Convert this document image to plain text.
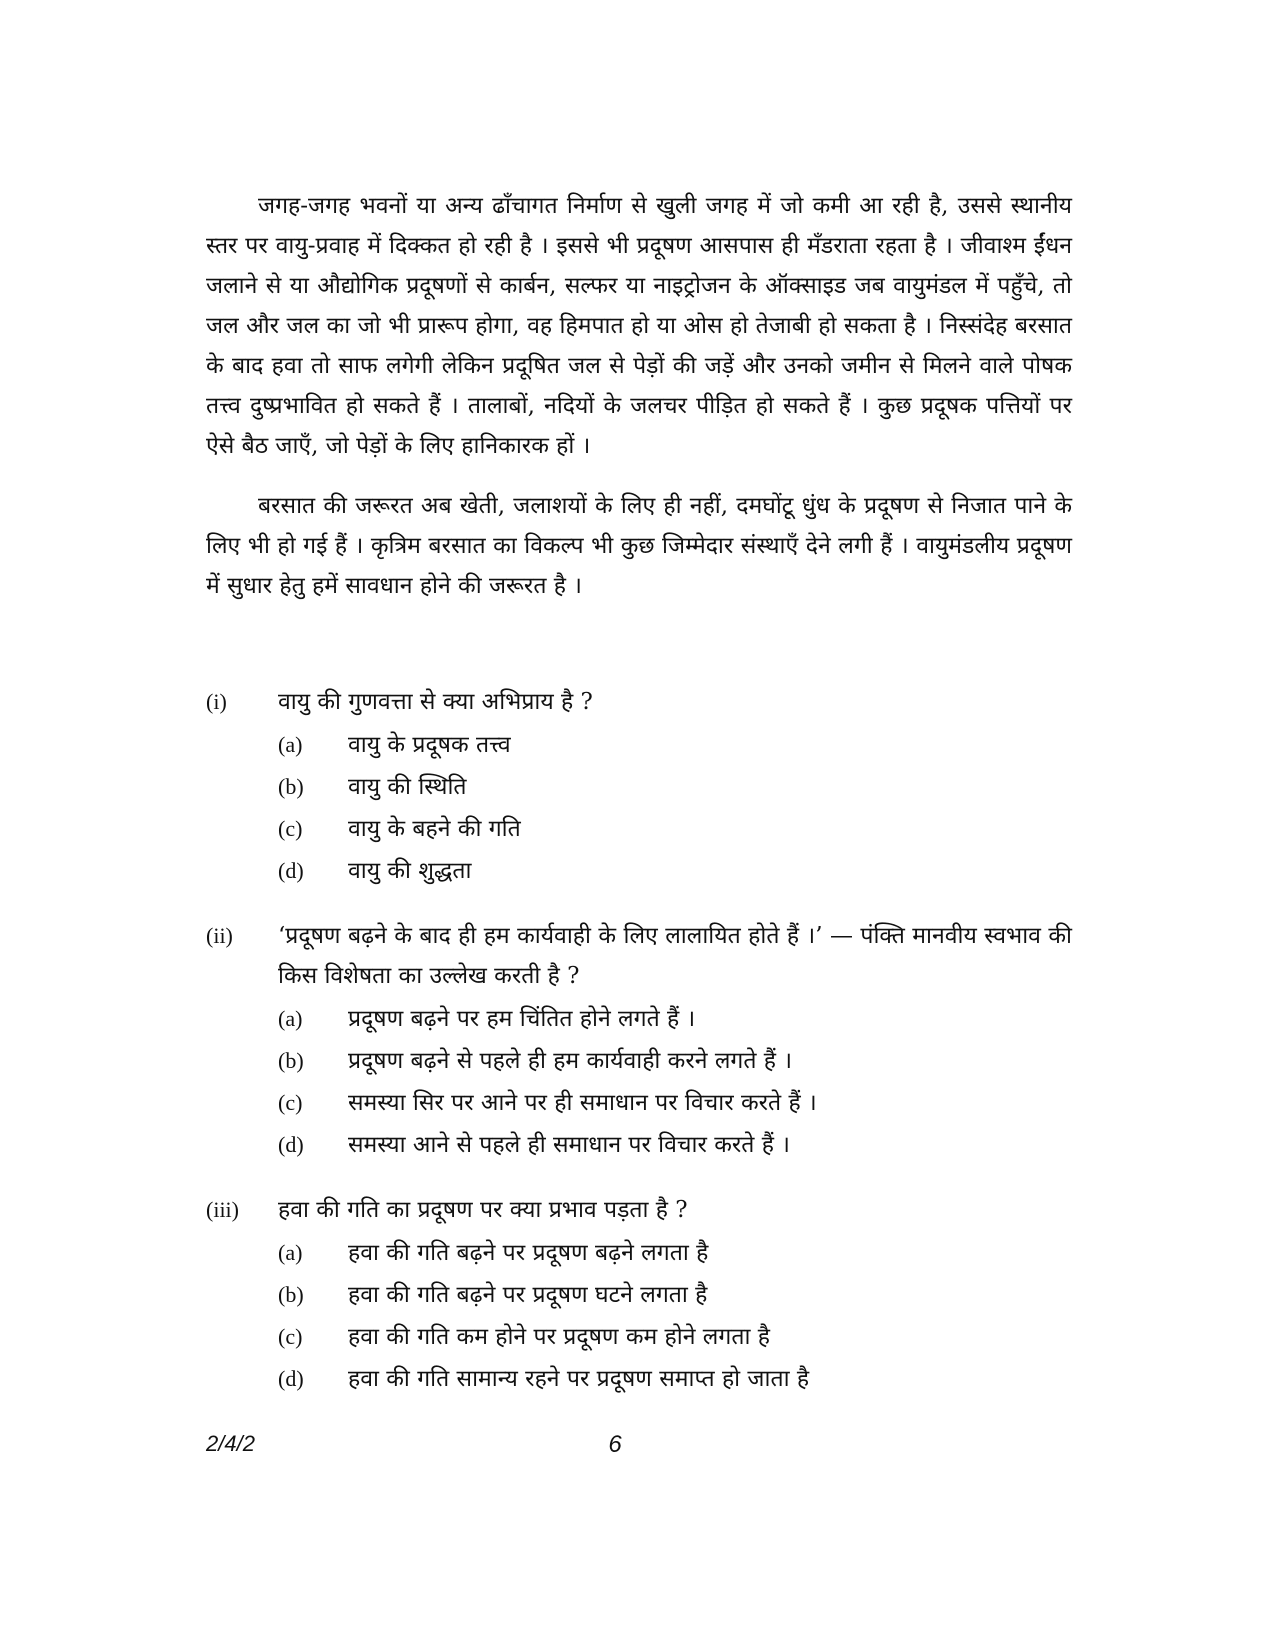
जगह-जगह भवनों या अन्य ढाँचागत निर्माण से खुली जगह में जो कमी आ रही है, उससे स्थानीय स्तर पर वायु-प्रवाह में दिक्कत हो रही है । इससे भी प्रदूषण आसपास ही मँडराता रहता है । जीवाश्म ईंधन जलाने से या औद्योगिक प्रदूषणों से कार्बन, सल्फर या नाइट्रोजन के ऑक्साइड जब वायुमंडल में पहुँचे, तो जल और जल का जो भी प्रारूप होगा, वह हिमपात हो या ओस हो तेजाबी हो सकता है । निस्संदेह बरसात के बाद हवा तो साफ लगेगी लेकिन प्रदूषित जल से पेड़ों की जड़ें और उनको जमीन से मिलने वाले पोषक तत्त्व दुष्प्रभावित हो सकते हैं । तालाबों, नदियों के जलचर पीड़ित हो सकते हैं । कुछ प्रदूषक पत्तियों पर ऐसे बैठ जाएँ, जो पेड़ों के लिए हानिकारक हों ।

बरसात की जरूरत अब खेती, जलाशयों के लिए ही नहीं, दमघोंटू धुंध के प्रदूषण से निजात पाने के लिए भी हो गई हैं । कृत्रिम बरसात का विकल्प भी कुछ जिम्मेदार संस्थाएँ देने लगी हैं । वायुमंडलीय प्रदूषण में सुधार हेतु हमें सावधान होने की जरूरत है ।

(i)	वायु की गुणवत्ता से क्या अभिप्राय है ?
(a)	वायु के प्रदूषक तत्त्व
(b)	वायु की स्थिति
(c)	वायु के बहने की गति
(d)	वायु की शुद्धता
(ii)	‘प्रदूषण बढ़ने के बाद ही हम कार्यवाही के लिए लालायित होते हैं ।’ — पंक्ति मानवीय स्वभाव की किस विशेषता का उल्लेख करती है ?
(a)	प्रदूषण बढ़ने पर हम चिंतित होने लगते हैं ।
(b)	प्रदूषण बढ़ने से पहले ही हम कार्यवाही करने लगते हैं ।
(c)	समस्या सिर पर आने पर ही समाधान पर विचार करते हैं ।
(d)	समस्या आने से पहले ही समाधान पर विचार करते हैं ।
(iii)	हवा की गति का प्रदूषण पर क्या प्रभाव पड़ता है ?
(a)	हवा की गति बढ़ने पर प्रदूषण बढ़ने लगता है
(b)	हवा की गति बढ़ने पर प्रदूषण घटने लगता है
(c)	हवा की गति कम होने पर प्रदूषण कम होने लगता है
(d)	हवा की गति सामान्य रहने पर प्रदूषण समाप्त हो जाता है
2/4/2	6
